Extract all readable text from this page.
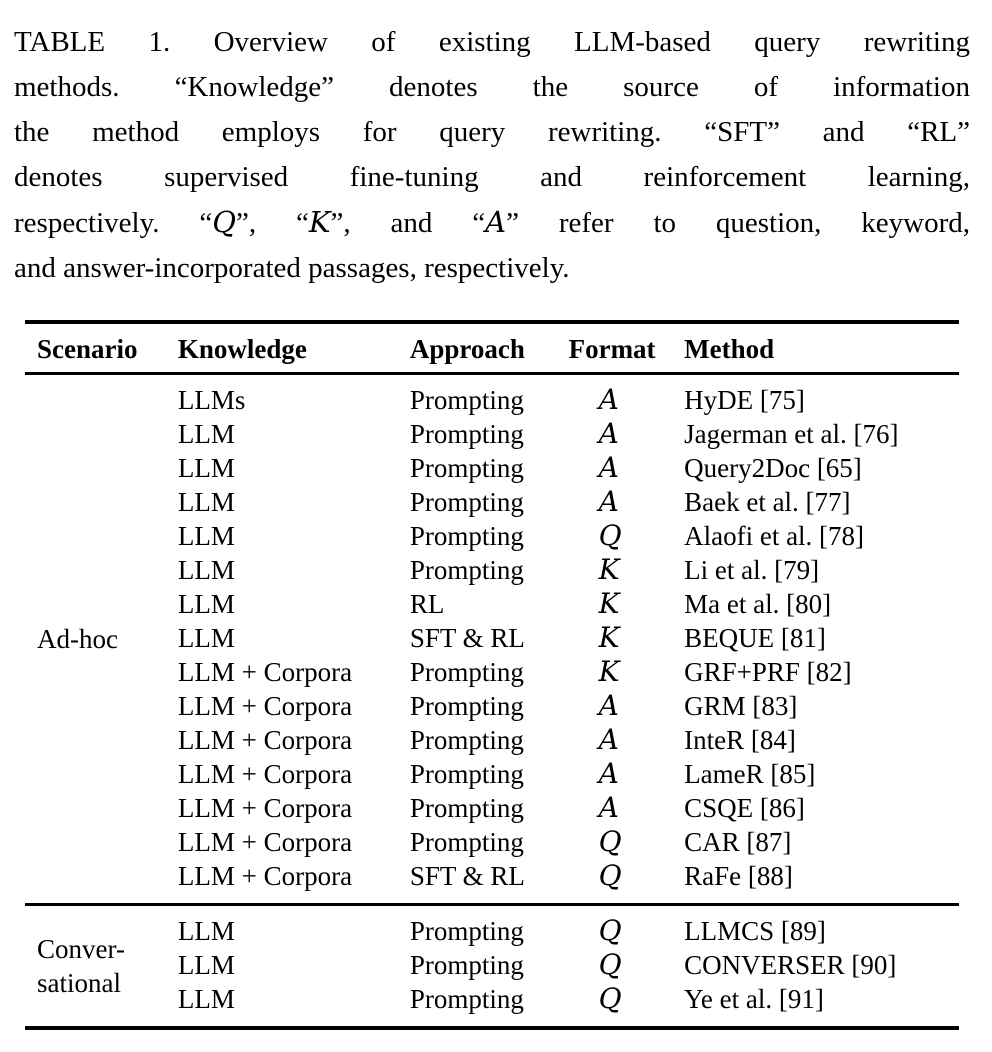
TABLE 1. Overview of existing LLM-based query rewriting
methods. “Knowledge” denotes the source of information
the method employs for query rewriting. “SFT” and “RL”
denotes supervised fine-tuning and reinforcement learning,
respectively. “Q”, “K”, and “A” refer to question, keyword,
and answer-incorporated passages, respectively.
Scenario	Knowledge	Approach	Format	Method

Ad-hoc	LLMs	Prompting	A	HyDE [75]
	LLM	Prompting	A	Jagerman et al. [76]
	LLM	Prompting	A	Query2Doc [65]
	LLM	Prompting	A	Baek et al. [77]
	LLM	Prompting	Q	Alaofi et al. [78]
	LLM	Prompting	K	Li et al. [79]
	LLM	RL	K	Ma et al. [80]
	LLM	SFT & RL	K	BEQUE [81]
	LLM + Corpora	Prompting	K	GRF+PRF [82]
	LLM + Corpora	Prompting	A	GRM [83]
	LLM + Corpora	Prompting	A	InteR [84]
	LLM + Corpora	Prompting	A	LameR [85]
	LLM + Corpora	Prompting	A	CSQE [86]
	LLM + Corpora	Prompting	Q	CAR [87]
	LLM + Corpora	SFT & RL	Q	RaFe [88]

Conver-
sational	LLM	Prompting	Q	LLMCS [89]
	LLM	Prompting	Q	CONVERSER [90]
	LLM	Prompting	Q	Ye et al. [91]
